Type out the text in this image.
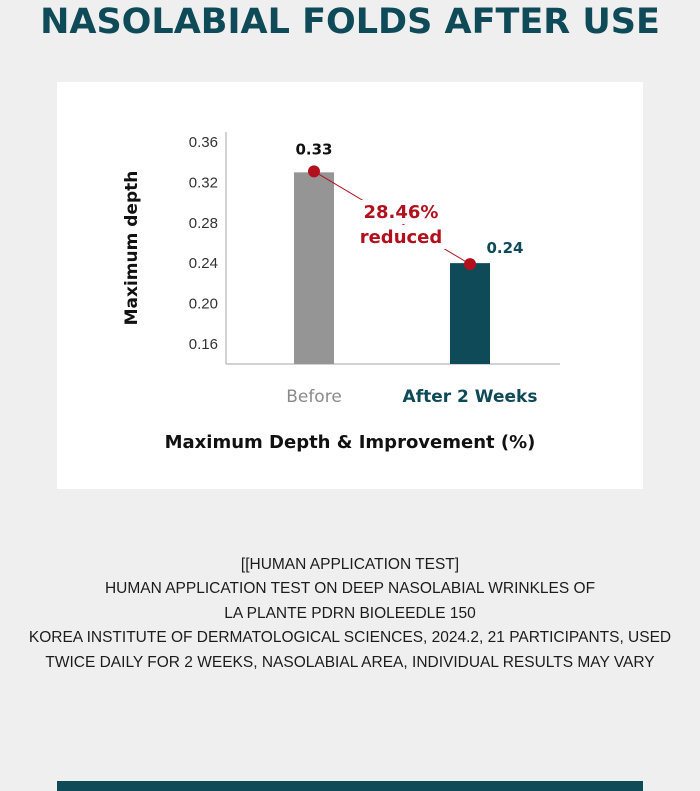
NASOLABIAL FOLDS AFTER USE
Maximum depth
0.36
0.32
0.28
0.24
0.20
0.16
Before	After 2 Weeks
0.33
0.24
28.46%
reduced
Maximum Depth & Improvement (%)
[[HUMAN APPLICATION TEST]
HUMAN APPLICATION TEST ON DEEP NASOLABIAL WRINKLES OF
LA PLANTE PDRN BIOLEEDLE 150
KOREA INSTITUTE OF DERMATOLOGICAL SCIENCES, 2024.2, 21 PARTICIPANTS, USED
TWICE DAILY FOR 2 WEEKS, NASOLABIAL AREA, INDIVIDUAL RESULTS MAY VARY
